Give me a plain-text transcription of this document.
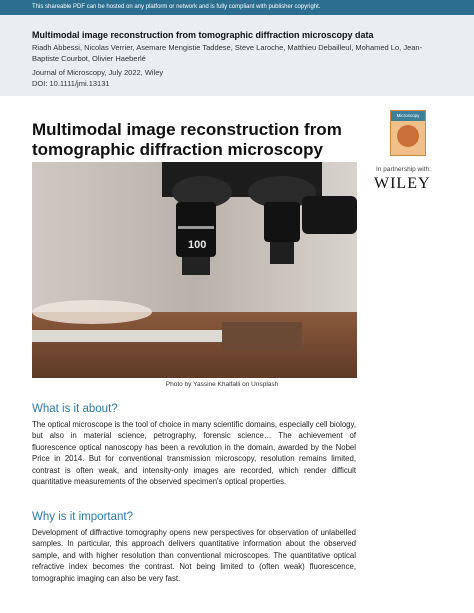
This shareable PDF can be hosted on any platform or network and is fully compliant with publisher copyright.
Multimodal image reconstruction from tomographic diffraction microscopy data
Riadh Abbessi, Nicolas Verrier, Asemare Mengistie Taddese, Steve Laroche, Matthieu Debailleul, Mohamed Lo, Jean-Baptiste Courbot, Olivier Haeberlé
Journal of Microscopy, July 2022, Wiley
DOI: 10.1111/jmi.13131
Multimodal image reconstruction from tomographic diffraction microscopy
Microscopy
In partnership with:
WILEY
100
Photo by Yassine Khalfalli on Unsplash
What is it about?
The optical microscope is the tool of choice in many scientific domains, especially cell biology, but also in material science, petrography, forensic science… The achievement of fluorescence optical nanoscopy has been a revolution in the domain, awarded by the Nobel Price in 2014. But for conventional transmission microscopy, resolution remains limited, contrast is often weak, and intensity-only images are recorded, which render difficult quantitative measurements of the observed specimen's optical properties.
Why is it important?
Development of diffractive tomography opens new perspectives for observation of unlabelled samples. In particular, this approach delivers quantitative information about the observed sample, and with higher resolution than conventional microscopes. The quantitative optical refractive index becomes the contrast. Not being limited to (often weak) fluorescence, tomographic imaging can also be very fast.
